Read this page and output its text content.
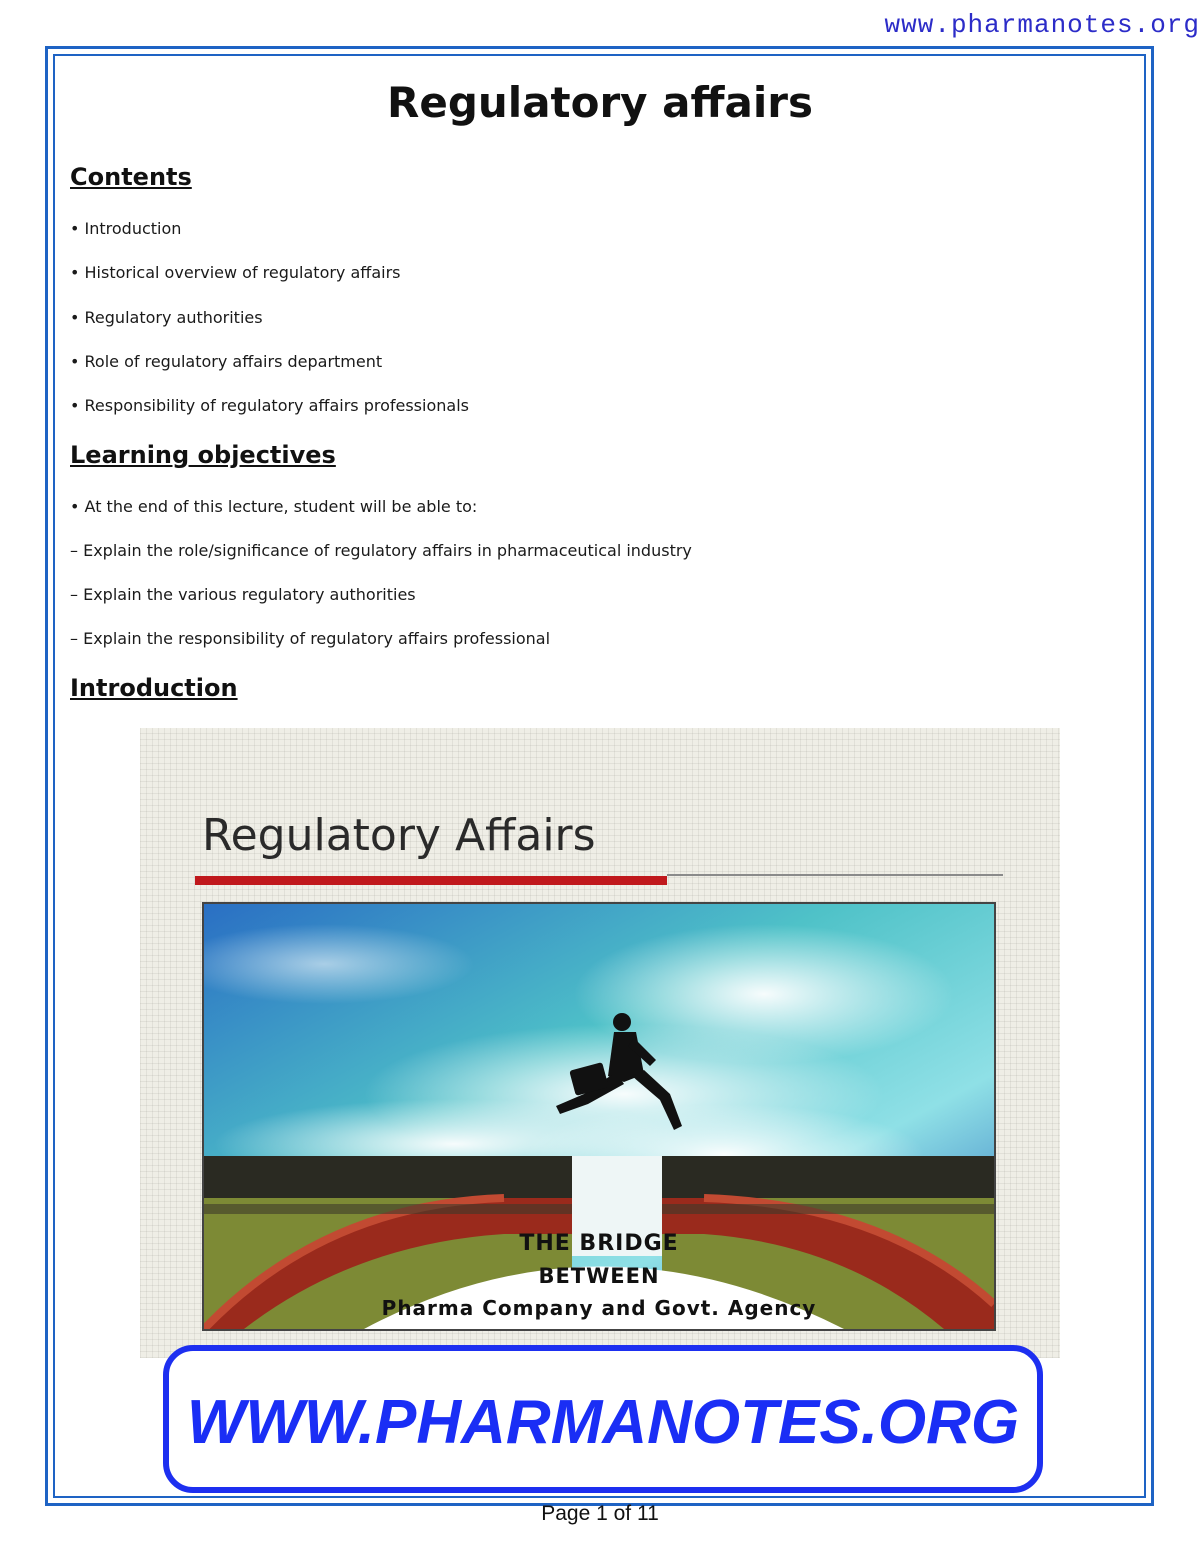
www.pharmanotes.org
Regulatory affairs
Contents
• Introduction
• Historical overview of regulatory affairs
• Regulatory authorities
• Role of regulatory affairs department
• Responsibility of regulatory affairs professionals
Learning objectives
• At the end of this lecture, student will be able to:
– Explain the role/significance of regulatory affairs in pharmaceutical industry
– Explain the various regulatory authorities
– Explain the responsibility of regulatory affairs professional
Introduction
Regulatory Affairs
THE BRIDGE
BETWEEN
Pharma Company and Govt. Agency
WWW.PHARMANOTES.ORG
Page 1 of 11
